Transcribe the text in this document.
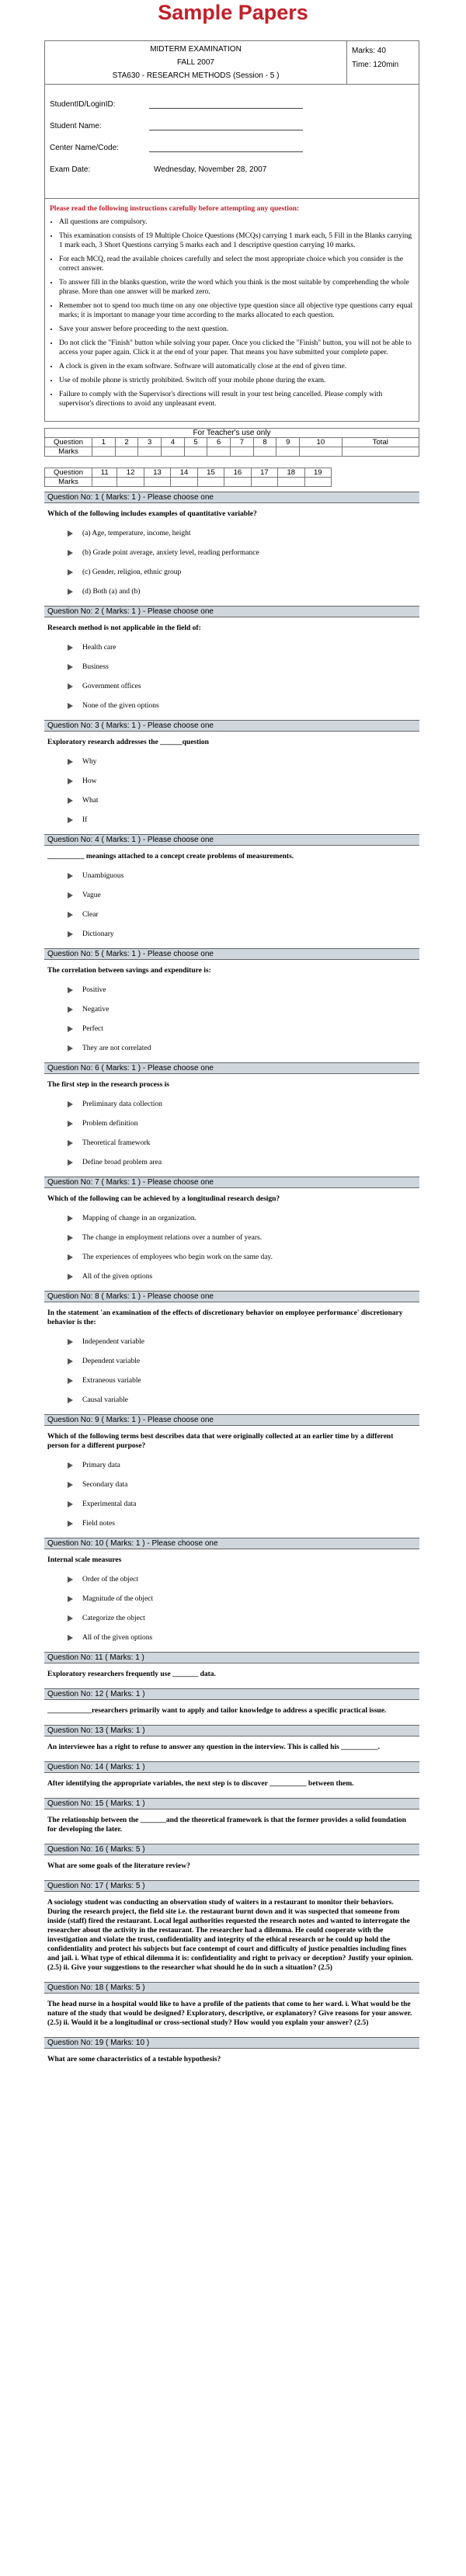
Sample Papers
MIDTERM EXAMINATION
FALL 2007
STA630 - RESEARCH METHODS (Session - 5 )
Marks: 40
Time: 120min
StudentID/LoginID:
Student Name:
Center Name/Code:
Exam Date:	Wednesday, November 28, 2007
Please read the following instructions carefully before attempting any question:
• All questions are compulsory.
• This examination consists of 19 Multiple Choice Questions (MCQs) carrying 1 mark each, 5 Fill in the Blanks carrying 1 mark each, 3 Short Questions carrying 5 marks each and 1 descriptive question carrying 10 marks.
• For each MCQ, read the available choices carefully and select the most appropriate choice which you consider is the correct answer.
• To answer fill in the blanks question, write the word which you think is the most suitable by comprehending the whole phrase. More than one answer will be marked zero.
• Remember not to spend too much time on any one objective type question since all objective type questions carry equal marks; it is important to manage your time according to the marks allocated to each question.
• Save your answer before proceeding to the next question.
• Do not click the "Finish" button while solving your paper. Once you clicked the "Finish" button, you will not be able to access your paper again. Click it at the end of your paper. That means you have submitted your complete paper.
• A clock is given in the exam software. Software will automatically close at the end of given time.
• Use of mobile phone is strictly prohibited. Switch off your mobile phone during the exam.
• Failure to comply with the Supervisor's directions will result in your test being cancelled. Please comply with supervisor's directions to avoid any unpleasant event.
For Teacher's use only
Question	1	2	3	4	5	6	7	8	9	10	Total
Marks											
Question	11	12	13	14	15	16	17	18	19
Marks									
Question No: 1 ( Marks: 1 ) - Please choose one
Which of the following includes examples of quantitative variable?
(a) Age, temperature, income, height
(b) Grade point average, anxiety level, reading performance
(c) Gender, religion, ethnic group
(d) Both (a) and (b)
Question No: 2 ( Marks: 1 ) - Please choose one
Research method is not applicable in the field of:
Health care
Business
Government offices
None of the given options
Question No: 3 ( Marks: 1 ) - Please choose one
Exploratory research addresses the ______question
Why
How
What
If
Question No: 4 ( Marks: 1 ) - Please choose one
__________ meanings attached to a concept create problems of measurements.
Unambiguous
Vague
Clear
Dictionary
Question No: 5 ( Marks: 1 ) - Please choose one
The correlation between savings and expenditure is:
Positive
Negative
Perfect
They are not correlated
Question No: 6 ( Marks: 1 ) - Please choose one
The first step in the research process is
Preliminary data collection
Problem definition
Theoretical framework
Define broad problem area
Question No: 7 ( Marks: 1 ) - Please choose one
Which of the following can be achieved by a longitudinal research design?
Mapping of change in an organization.
The change in employment relations over a number of years.
The experiences of employees who begin work on the same day.
All of the given options
Question No: 8 ( Marks: 1 ) - Please choose one
In the statement 'an examination of the effects of discretionary behavior on employee performance' discretionary behavior is the:
Independent variable
Dependent variable
Extraneous variable
Causal variable
Question No: 9 ( Marks: 1 ) - Please choose one
Which of the following terms best describes data that were originally collected at an earlier time by a different person for a different purpose?
Primary data
Secondary data
Experimental data
Field notes
Question No: 10 ( Marks: 1 ) - Please choose one
Internal scale measures
Order of the object
Magnitude of the object
Categorize the object
All of the given options
Question No: 11 ( Marks: 1 )
Exploratory researchers frequently use _______ data.
Question No: 12 ( Marks: 1 )
____________researchers primarily want to apply and tailor knowledge to address a specific practical issue.
Question No: 13 ( Marks: 1 )
An interviewee has a right to refuse to answer any question in the interview. This is called his __________.
Question No: 14 ( Marks: 1 )
After identifying the appropriate variables, the next step is to discover __________ between them.
Question No: 15 ( Marks: 1 )
The relationship between the _______and the theoretical framework is that the former provides a solid foundation for developing the later.
Question No: 16 ( Marks: 5 )
What are some goals of the literature review?
Question No: 17 ( Marks: 5 )
A sociology student was conducting an observation study of waiters in a restaurant to monitor their behaviors. During the research project, the field site i.e. the restaurant burnt down and it was suspected that someone from inside (staff) fired the restaurant. Local legal authorities requested the research notes and wanted to interrogate the researcher about the activity in the restaurant. The researcher had a dilemma. He could cooperate with the investigation and violate the trust, confidentiality and integrity of the ethical research or he could up hold the confidentiality and protect his subjects but face contempt of court and difficulty of justice penalties including fines and jail. i. What type of ethical dilemma it is: confidentiality and right to privacy or deception? Justify your opinion. (2.5) ii. Give your suggestions to the researcher what should he do in such a situation? (2.5)
Question No: 18 ( Marks: 5 )
The head nurse in a hospital would like to have a profile of the patients that come to her ward. i. What would be the nature of the study that would be designed? Exploratory, descriptive, or explanatory? Give reasons for your answer. (2.5) ii. Would it be a longitudinal or cross-sectional study? How would you explain your answer? (2.5)
Question No: 19 ( Marks: 10 )
What are some characteristics of a testable hypothesis?
